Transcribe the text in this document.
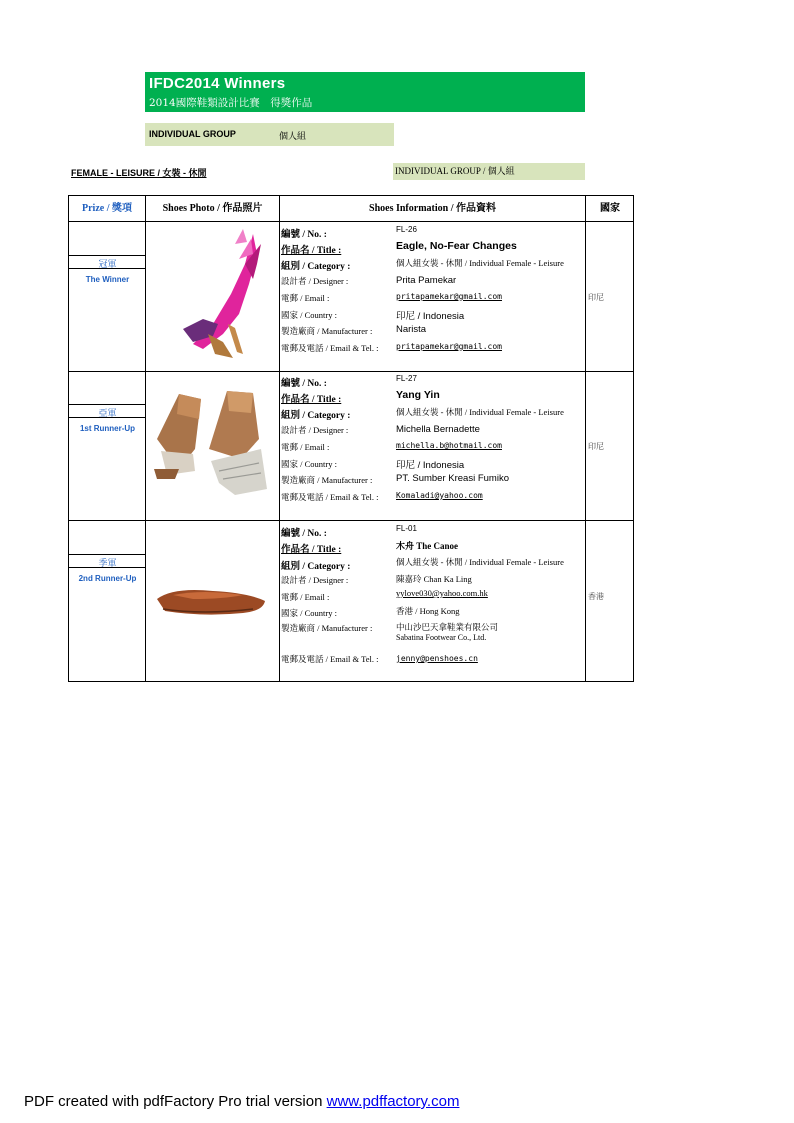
IFDC2014 Winners
2014國際鞋類設計比賽　得獎作品
INDIVIDUAL GROUP	個人組
FEMALE - LEISURE / 女裝 - 休閒	INDIVIDUAL GROUP / 個人組
Prize / 獎項	Shoes Photo / 作品照片	Shoes Information / 作品資料	國家
冠軍
The Winner
編號 / No. :
FL-26
作品名 / Title :	Eagle, No-Fear Changes
組別 / Category :	個人組女裝 - 休閒 / Individual Female - Leisure
設計者 / Designer :	Prita Pamekar
電郵 / Email :	pritapamekar@gmail.com
國家 / Country :	印尼 / Indonesia
製造廠商 / Manufacturer : Narista
電郵及電話 / Email & Tel. : pritapamekar@gmail.com
印尼
亞軍
1st Runner-Up
編號 / No. :
FL-27
作品名 / Title :	Yang Yin
組別 / Category :	個人組女裝 - 休閒 / Individual Female - Leisure
設計者 / Designer :	Michella Bernadette
電郵 / Email :	michella.b@hotmail.com
國家 / Country :	印尼 / Indonesia
製造廠商 / Manufacturer : PT. Sumber Kreasi Fumiko
電郵及電話 / Email & Tel. : Komaladi@yahoo.com
印尼
季軍
2nd Runner-Up
編號 / No. :
FL-01
作品名 / Title :	木舟 The Canoe
組別 / Category :	個人組女裝 - 休閒 / Individual Female - Leisure
設計者 / Designer :	陳嘉玲 Chan Ka Ling
電郵 / Email :	yylove030@yahoo.com.hk
國家 / Country :	香港 / Hong Kong
製造廠商 / Manufacturer :	中山沙巴天拿鞋業有限公司
Sabatina Footwear Co., Ltd.
電郵及電話 / Email & Tel. : jenny@penshoes.cn
香港
PDF created with pdfFactory Pro trial version www.pdffactory.com
